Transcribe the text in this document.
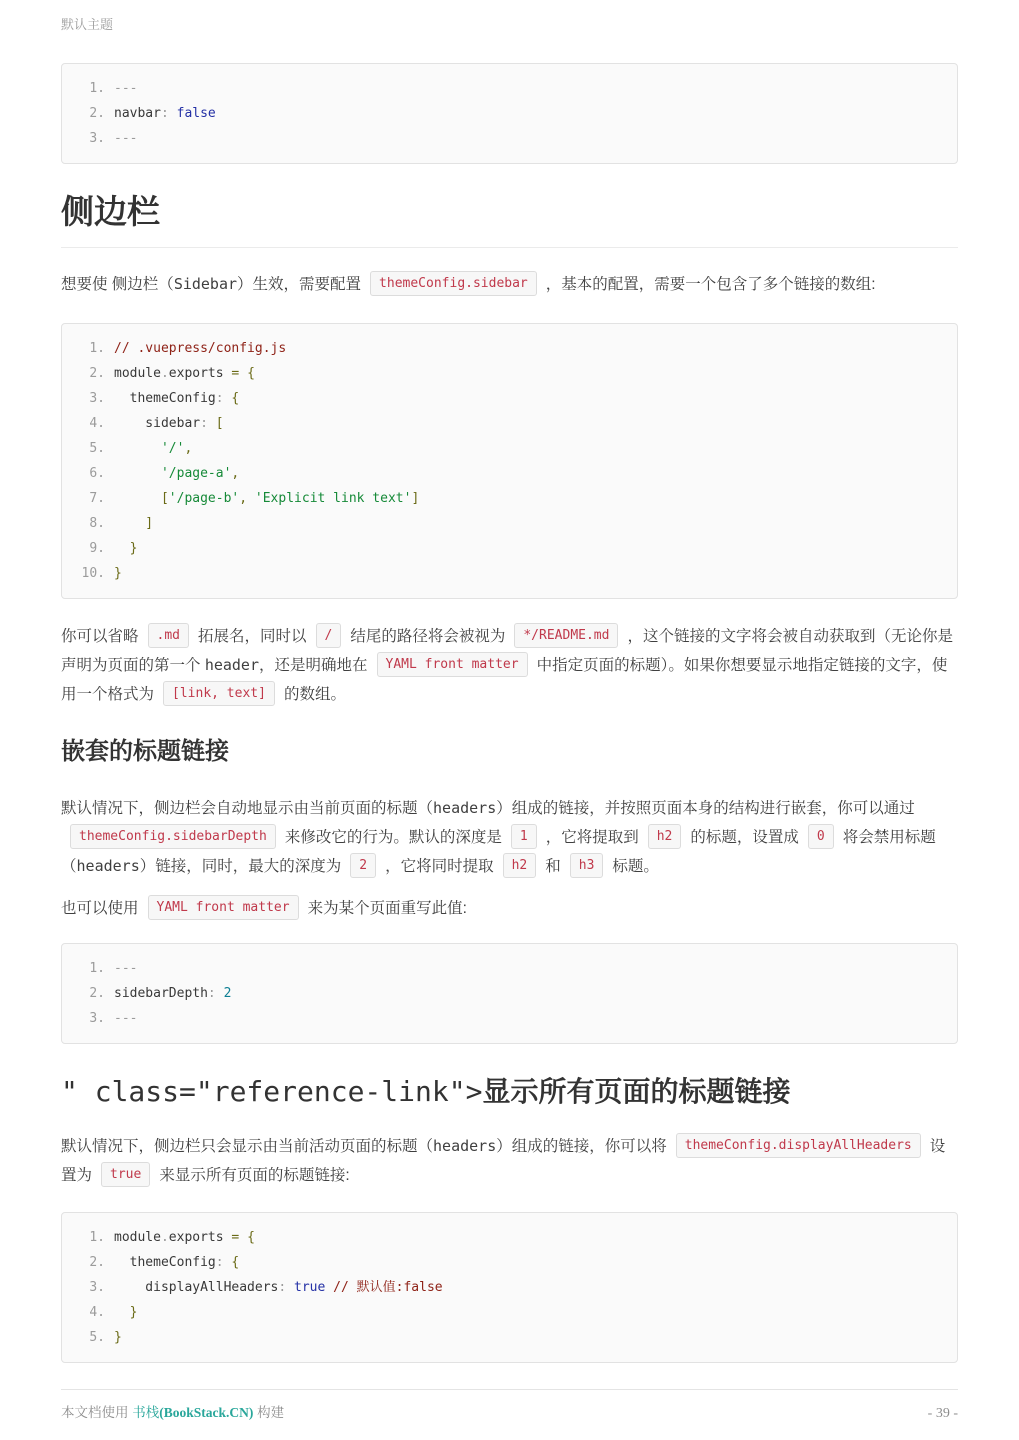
默认主题
1. ---
2. navbar: false
3. ---
侧边栏

想要使 侧边栏（Sidebar）生效，需要配置 themeConfig.sidebar ，基本的配置，需要一个包含了多个链接的数组:

1. // .vuepress/config.js
2. module.exports = {
3. themeConfig: {
4. sidebar: [
5. '/',
6. '/page-a',
7. ['/page-b', 'Explicit link text']
8. ]
9. }
10. }

你可以省略 .md 拓展名，同时以 / 结尾的路径将会被视为 */README.md ，这个链接的文字将会被自动获取到（无论你是声明为页面的第一个 header，还是明确地在 YAML front matter 中指定页面的标题）。如果你想要显示地指定链接的文字，使用一个格式为 [link, text] 的数组。

嵌套的标题链接

默认情况下，侧边栏会自动地显示由当前页面的标题（headers）组成的链接，并按照页面本身的结构进行嵌套，你可以通过themeConfig.sidebarDepth 来修改它的行为。默认的深度是 1 ，它将提取到 h2 的标题，设置成 0 将会禁用标题（headers）链接，同时，最大的深度为 2 ，它将同时提取 h2 和 h3 标题。

也可以使用 YAML front matter 来为某个页面重写此值:

1. ---
2. sidebarDepth: 2
3. ---
" class="reference-link">显示所有页面的标题链接

默认情况下，侧边栏只会显示由当前活动页面的标题（headers）组成的链接，你可以将 themeConfig.displayAllHeaders 设置为 true 来显示所有页面的标题链接:

1. module.exports = {
2. themeConfig: {
3. displayAllHeaders: true // 默认值:false
4. }
5. }
本文档使用 书栈(BookStack.CN) 构建	- 39 -
